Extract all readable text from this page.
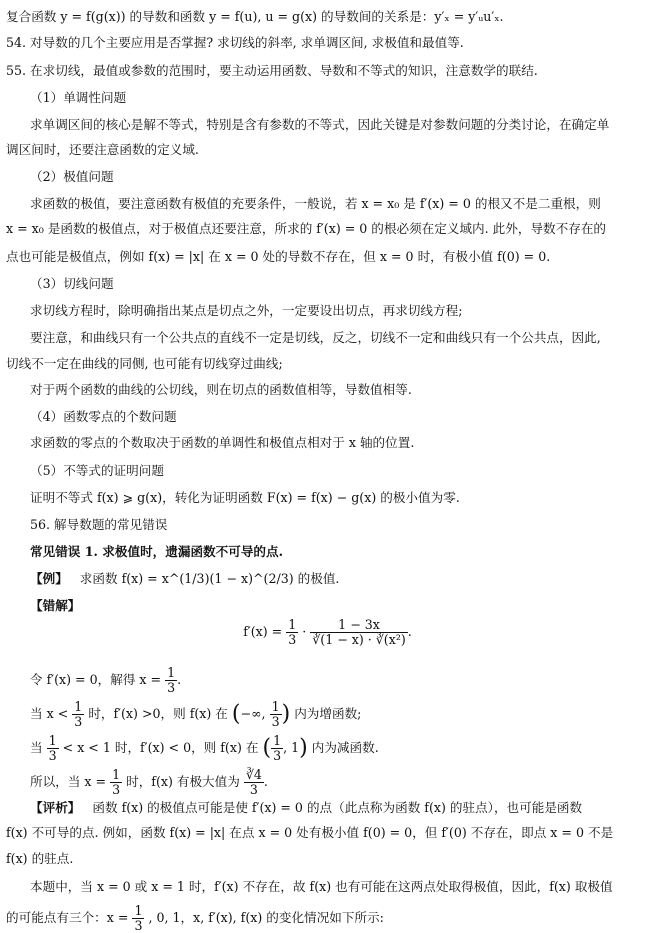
复合函数 y = f(g(x)) 的导数和函数 y = f(u), u = g(x) 的导数间的关系是：y′ₓ = y′ᵤu′ₓ.
54. 对导数的几个主要应用是否掌握? 求切线的斜率, 求单调区间, 求极值和最值等.
55. 在求切线，最值或参数的范围时，要主动运用函数、导数和不等式的知识，注意数学的联结.
（1）单调性问题
求单调区间的核心是解不等式，特别是含有参数的不等式，因此关键是对参数问题的分类讨论，在确定单
调区间时，还要注意函数的定义域.
（2）极值问题
求函数的极值，要注意函数有极值的充要条件，一般说，若 x = x₀ 是 f′(x) = 0 的根又不是二重根，则
x = x₀ 是函数的极值点，对于极值点还要注意，所求的 f′(x) = 0 的根必须在定义域内. 此外，导数不存在的
点也可能是极值点，例如 f(x) = |x| 在 x = 0 处的导数不存在，但 x = 0 时，有极小值 f(0) = 0.
（3）切线问题
求切线方程时，除明确指出某点是切点之外，一定要设出切点，再求切线方程;
要注意，和曲线只有一个公共点的直线不一定是切线，反之，切线不一定和曲线只有一个公共点，因此,
切线不一定在曲线的同侧, 也可能有切线穿过曲线;
对于两个函数的曲线的公切线，则在切点的函数值相等，导数值相等.
（4）函数零点的个数问题
求函数的零点的个数取决于函数的单调性和极值点相对于 x 轴的位置.
（5）不等式的证明问题
证明不等式 f(x) ⩾ g(x)，转化为证明函数 F(x) = f(x) − g(x) 的极小值为零.
56. 解导数题的常见错误
常见错误 1. 求极值时，遗漏函数不可导的点.
【例】 求函数 f(x) = x^(1/3)(1 − x)^(2/3) 的极值.
【错解】
$f'(x) = \frac{1}{3} \cdot \frac{1 - 3x}{\text{∛(1 − x) · ∛(x²)}}$ .
令 f′(x) = 0，解得 $x = \frac{1}{3}$ .
当 $x < \frac{1}{3}$ 时，f′(x) >0，则 f(x) 在 (−∞, $\frac{1}{3}$ ) 内为增函数;
当 $\frac{1}{3} < x < 1$ 时，f′(x) < 0，则 f(x) 在 ( $\frac{1}{3}$ , 1) 内为减函数.
所以，当 $x = \frac{1}{3}$ 时，f(x) 有极大值为 $\frac{∛4}{3}$ .
【评析】 函数 f(x) 的极值点可能是使 f′(x) = 0 的点（此点称为函数 f(x) 的驻点），也可能是函数
f(x) 不可导的点. 例如，函数 f(x) = |x| 在点 x = 0 处有极小值 f(0) = 0，但 f′(0) 不存在，即点 x = 0 不是
f(x) 的驻点.
本题中，当 x = 0 或 x = 1 时，f′(x) 不存在，故 f(x) 也有可能在这两点处取得极值，因此，f(x) 取极值
的可能点有三个：$x = \frac{1}{3}$ , 0, 1，x, f′(x), f(x) 的变化情况如下所示:
